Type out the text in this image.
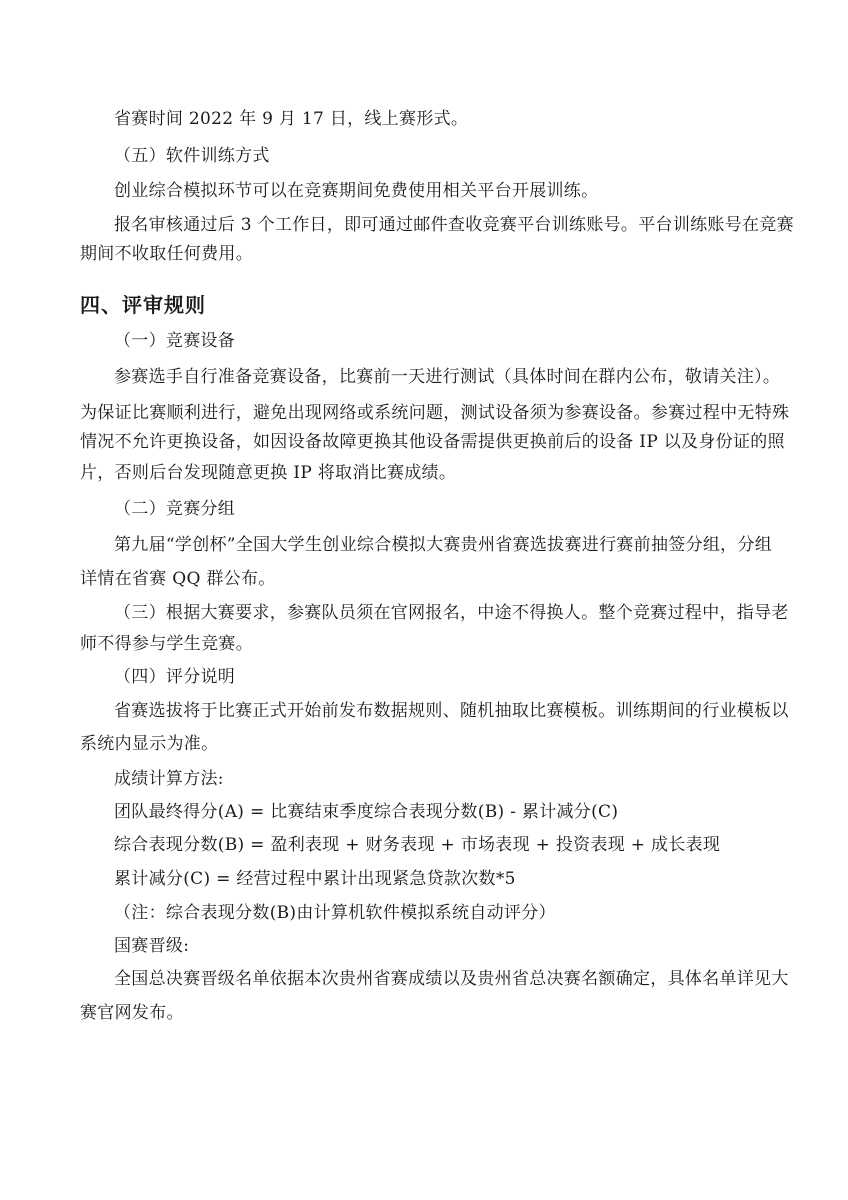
省赛时间 2022 年 9 月 17 日，线上赛形式。
（五）软件训练方式
创业综合模拟环节可以在竞赛期间免费使用相关平台开展训练。
报名审核通过后 3 个工作日，即可通过邮件查收竞赛平台训练账号。平台训练账号在竞赛
期间不收取任何费用。
四、评审规则
（一）竞赛设备
参赛选手自行准备竞赛设备，比赛前一天进行测试（具体时间在群内公布，敬请关注）。
为保证比赛顺利进行，避免出现网络或系统问题，测试设备须为参赛设备。参赛过程中无特殊
情况不允许更换设备，如因设备故障更换其他设备需提供更换前后的设备 IP 以及身份证的照
片，否则后台发现随意更换 IP 将取消比赛成绩。
（二）竞赛分组
第九届“学创杯”全国大学生创业综合模拟大赛贵州省赛选拔赛进行赛前抽签分组，分组
详情在省赛 QQ 群公布。
（三）根据大赛要求，参赛队员须在官网报名，中途不得换人。整个竞赛过程中，指导老
师不得参与学生竞赛。
（四）评分说明
省赛选拔将于比赛正式开始前发布数据规则、随机抽取比赛模板。训练期间的行业模板以
系统内显示为准。
成绩计算方法:
团队最终得分(A) = 比赛结束季度综合表现分数(B) - 累计减分(C)
综合表现分数(B) = 盈利表现 + 财务表现 + 市场表现 + 投资表现 + 成长表现
累计减分(C) = 经营过程中累计出现紧急贷款次数*5
（注：综合表现分数(B)由计算机软件模拟系统自动评分）
国赛晋级:
全国总决赛晋级名单依据本次贵州省赛成绩以及贵州省总决赛名额确定，具体名单详见大
赛官网发布。
